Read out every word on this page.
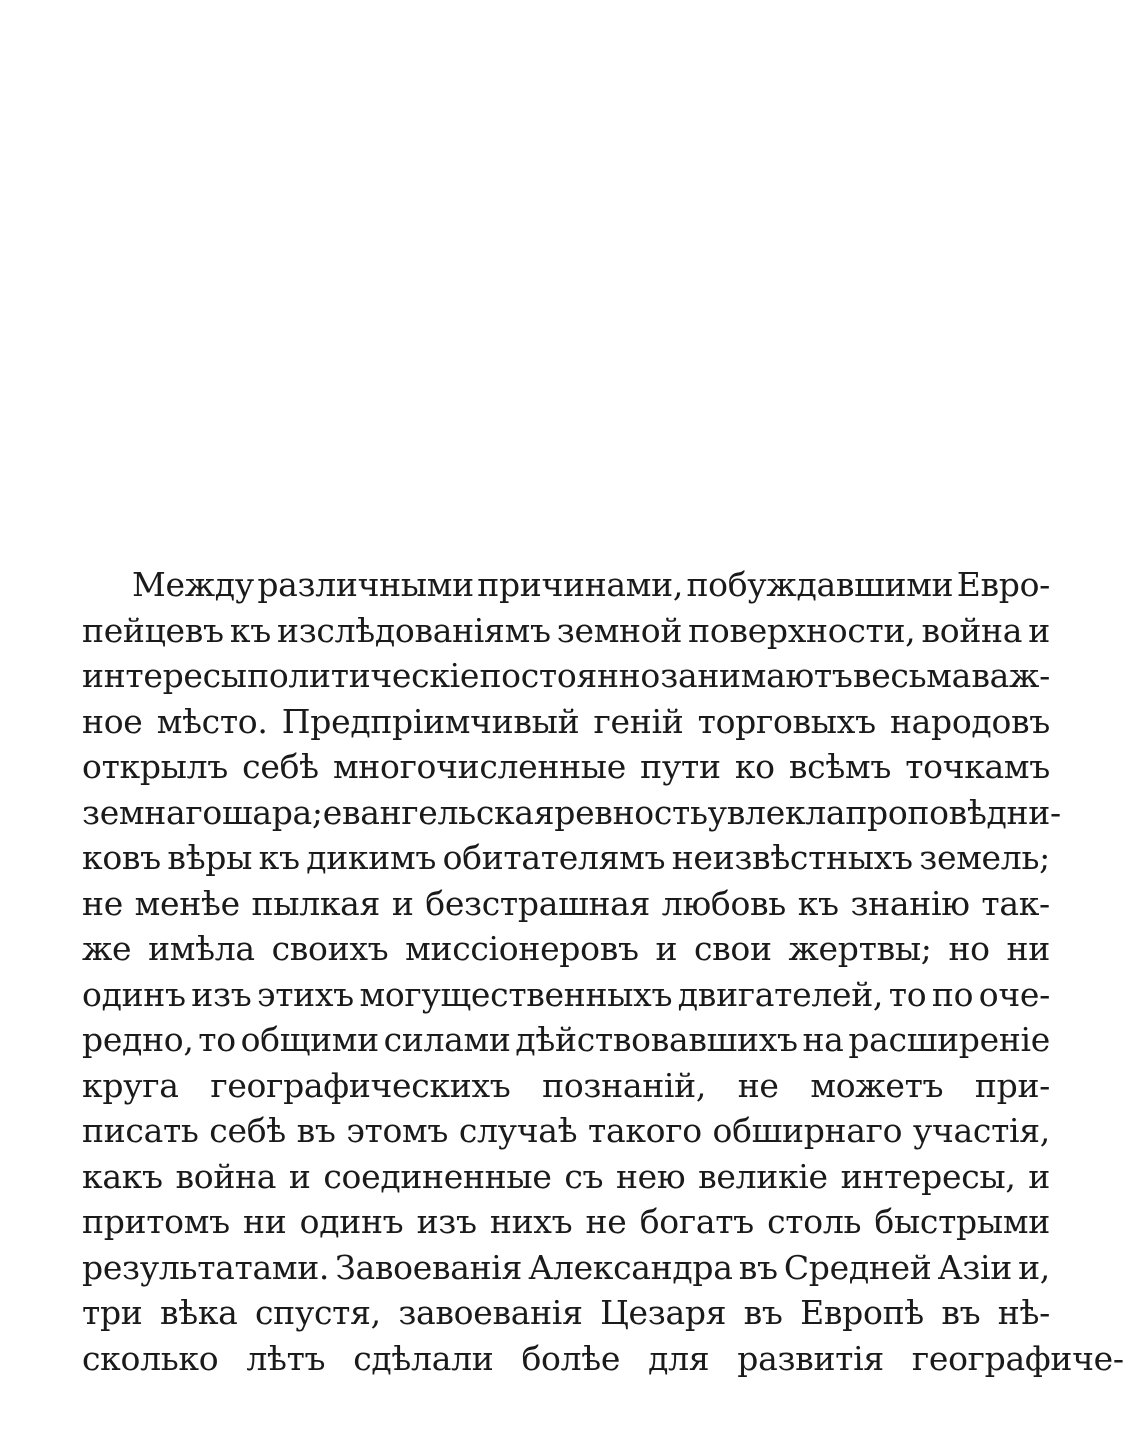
Между различными причинами, побуждавшими Евро-
пейцевъ къ изслѣдованіямъ земной поверхности, война и
интересы политическіе постоянно занимаютъ весьма важ-
ное мѣсто. Предпріимчивый геній торговыхъ народовъ
открылъ себѣ многочисленные пути ко всѣмъ точкамъ
земнаго шара; евангельская ревность увлекла проповѣдни-
ковъ вѣры къ дикимъ обитателямъ неизвѣстныхъ земель;
не менѣе пылкая и безстрашная любовь къ знанію так-
же имѣла своихъ миссіонеровъ и свои жертвы; но ни
одинъ изъ этихъ могущественныхъ двигателей, то по оче-
редно, то общими силами дѣйствовавшихъ на расширеніе
круга географическихъ познаній, не можетъ при-
писать себѣ въ этомъ случаѣ такого обширнаго участія,
какъ война и соединенные съ нею великіе интересы, и
притомъ ни одинъ изъ нихъ не богатъ столь быстрыми
результатами. Завоеванія Александра въ Средней Азіи и,
три вѣка спустя, завоеванія Цезаря въ Европѣ въ нѣ-
сколько лѣтъ сдѣлали болѣе для развитія географиче-
